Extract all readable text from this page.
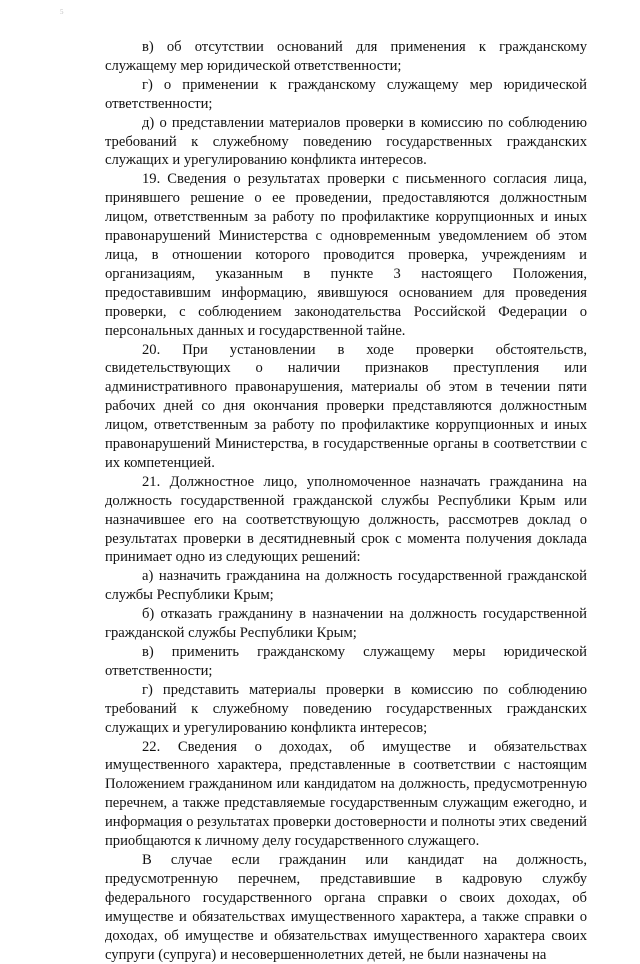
5

в) об отсутствии оснований для применения к гражданскому служащему мер юридической ответственности;

г) о применении к гражданскому служащему мер юридической ответственности;

д) о представлении материалов проверки в комиссию по соблюдению требований к служебному поведению государственных гражданских служащих и урегулированию конфликта интересов.

19. Сведения о результатах проверки с письменного согласия лица, принявшего решение о ее проведении, предоставляются должностным лицом, ответственным за работу по профилактике коррупционных и иных правонарушений Министерства с одновременным уведомлением об этом лица, в отношении которого проводится проверка, учреждениям и организациям, указанным в пункте 3 настоящего Положения, предоставившим информацию, явившуюся основанием для проведения проверки, с соблюдением законодательства Российской Федерации о персональных данных и государственной тайне.

20. При установлении в ходе проверки обстоятельств, свидетельствующих о наличии признаков преступления или административного правонарушения, материалы об этом в течении пяти рабочих дней со дня окончания проверки представляются должностным лицом, ответственным за работу по профилактике коррупционных и иных правонарушений Министерства, в государственные органы в соответствии с их компетенцией.

21. Должностное лицо, уполномоченное назначать гражданина на должность государственной гражданской службы Республики Крым или назначившее его на соответствующую должность, рассмотрев доклад о результатах проверки в десятидневный срок с момента получения доклада принимает одно из следующих решений:

а) назначить гражданина на должность государственной гражданской службы Республики Крым;

б) отказать гражданину в назначении на должность государственной гражданской службы Республики Крым;

в) применить гражданскому служащему меры юридической ответственности;

г) представить материалы проверки в комиссию по соблюдению требований к служебному поведению государственных гражданских служащих и урегулированию конфликта интересов;

22. Сведения о доходах, об имуществе и обязательствах имущественного характера, представленные в соответствии с настоящим Положением гражданином или кандидатом на должность, предусмотренную перечнем, а также представляемые государственным служащим ежегодно, и информация о результатах проверки достоверности и полноты этих сведений приобщаются к личному делу государственного служащего.

В случае если гражданин или кандидат на должность, предусмотренную перечнем, представившие в кадровую службу федерального государственного органа справки о своих доходах, об имуществе и обязательствах имущественного характера, а также справки о доходах, об имуществе и обязательствах имущественного характера своих супруги (супруга) и несовершеннолетних детей, не были назначены на
